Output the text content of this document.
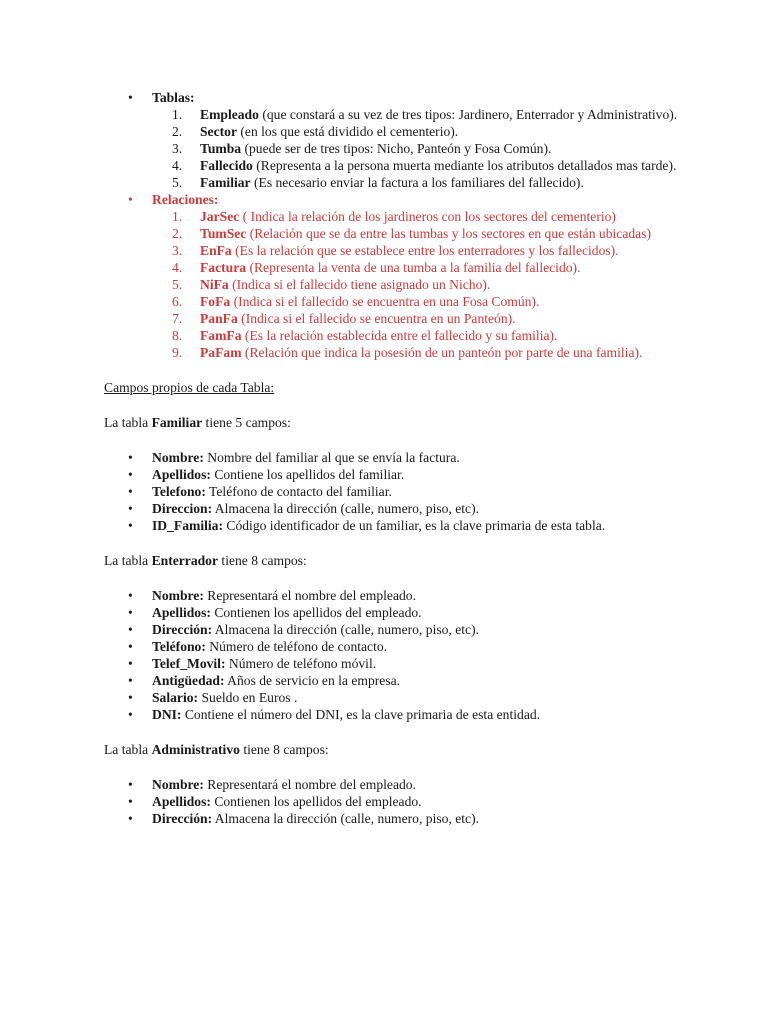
• Tablas:
1.	Empleado (que constará a su vez de tres tipos: Jardinero, Enterrador y Administrativo).
2.	Sector (en los que está dividido el cementerio).
3.	Tumba (puede ser de tres tipos: Nicho, Panteón y Fosa Común).
4.	Fallecido (Representa a la persona muerta mediante los atributos detallados mas tarde).
5.	Familiar (Es necesario enviar la factura a los familiares del fallecido).
• Relaciones:
1.	JarSec ( Indica la relación de los jardineros con los sectores del cementerio)
2.	TumSec (Relación que se da entre las tumbas y los sectores en que están ubicadas)
3.	EnFa (Es la relación que se establece entre los enterradores y los fallecidos).
4.	Factura (Representa la venta de una tumba a la familia del fallecido).
5.	NiFa (Indica si el fallecido tiene asignado un Nicho).
6.	FoFa (Indica si el fallecido se encuentra en una Fosa Común).
7.	PanFa (Indica si el fallecido se encuentra en un Panteón).
8.	FamFa (Es la relación establecida entre el fallecido y su familia).
9.	PaFam (Relación que indica la posesión de un panteón por parte de una familia).

Campos propios de cada Tabla:

La tabla Familiar tiene 5 campos:

• Nombre: Nombre del familiar al que se envía la factura.
• Apellidos: Contiene los apellidos del familiar.
• Telefono: Teléfono de contacto del familiar.
• Direccion: Almacena la dirección (calle, numero, piso, etc).
• ID_Familia: Código identificador de un familiar, es la clave primaria de esta tabla.

La tabla Enterrador tiene 8 campos:

• Nombre: Representará el nombre del empleado.
• Apellidos: Contienen los apellidos del empleado.
• Dirección: Almacena la dirección (calle, numero, piso, etc).
• Teléfono: Número de teléfono de contacto.
• Telef_Movil: Número de teléfono móvil.
• Antigüedad: Años de servicio en la empresa.
• Salario: Sueldo en Euros .
• DNI: Contiene el número del DNI, es la clave primaria de esta entidad.

La tabla Administrativo tiene 8 campos:

• Nombre: Representará el nombre del empleado.
• Apellidos: Contienen los apellidos del empleado.
• Dirección: Almacena la dirección (calle, numero, piso, etc).
